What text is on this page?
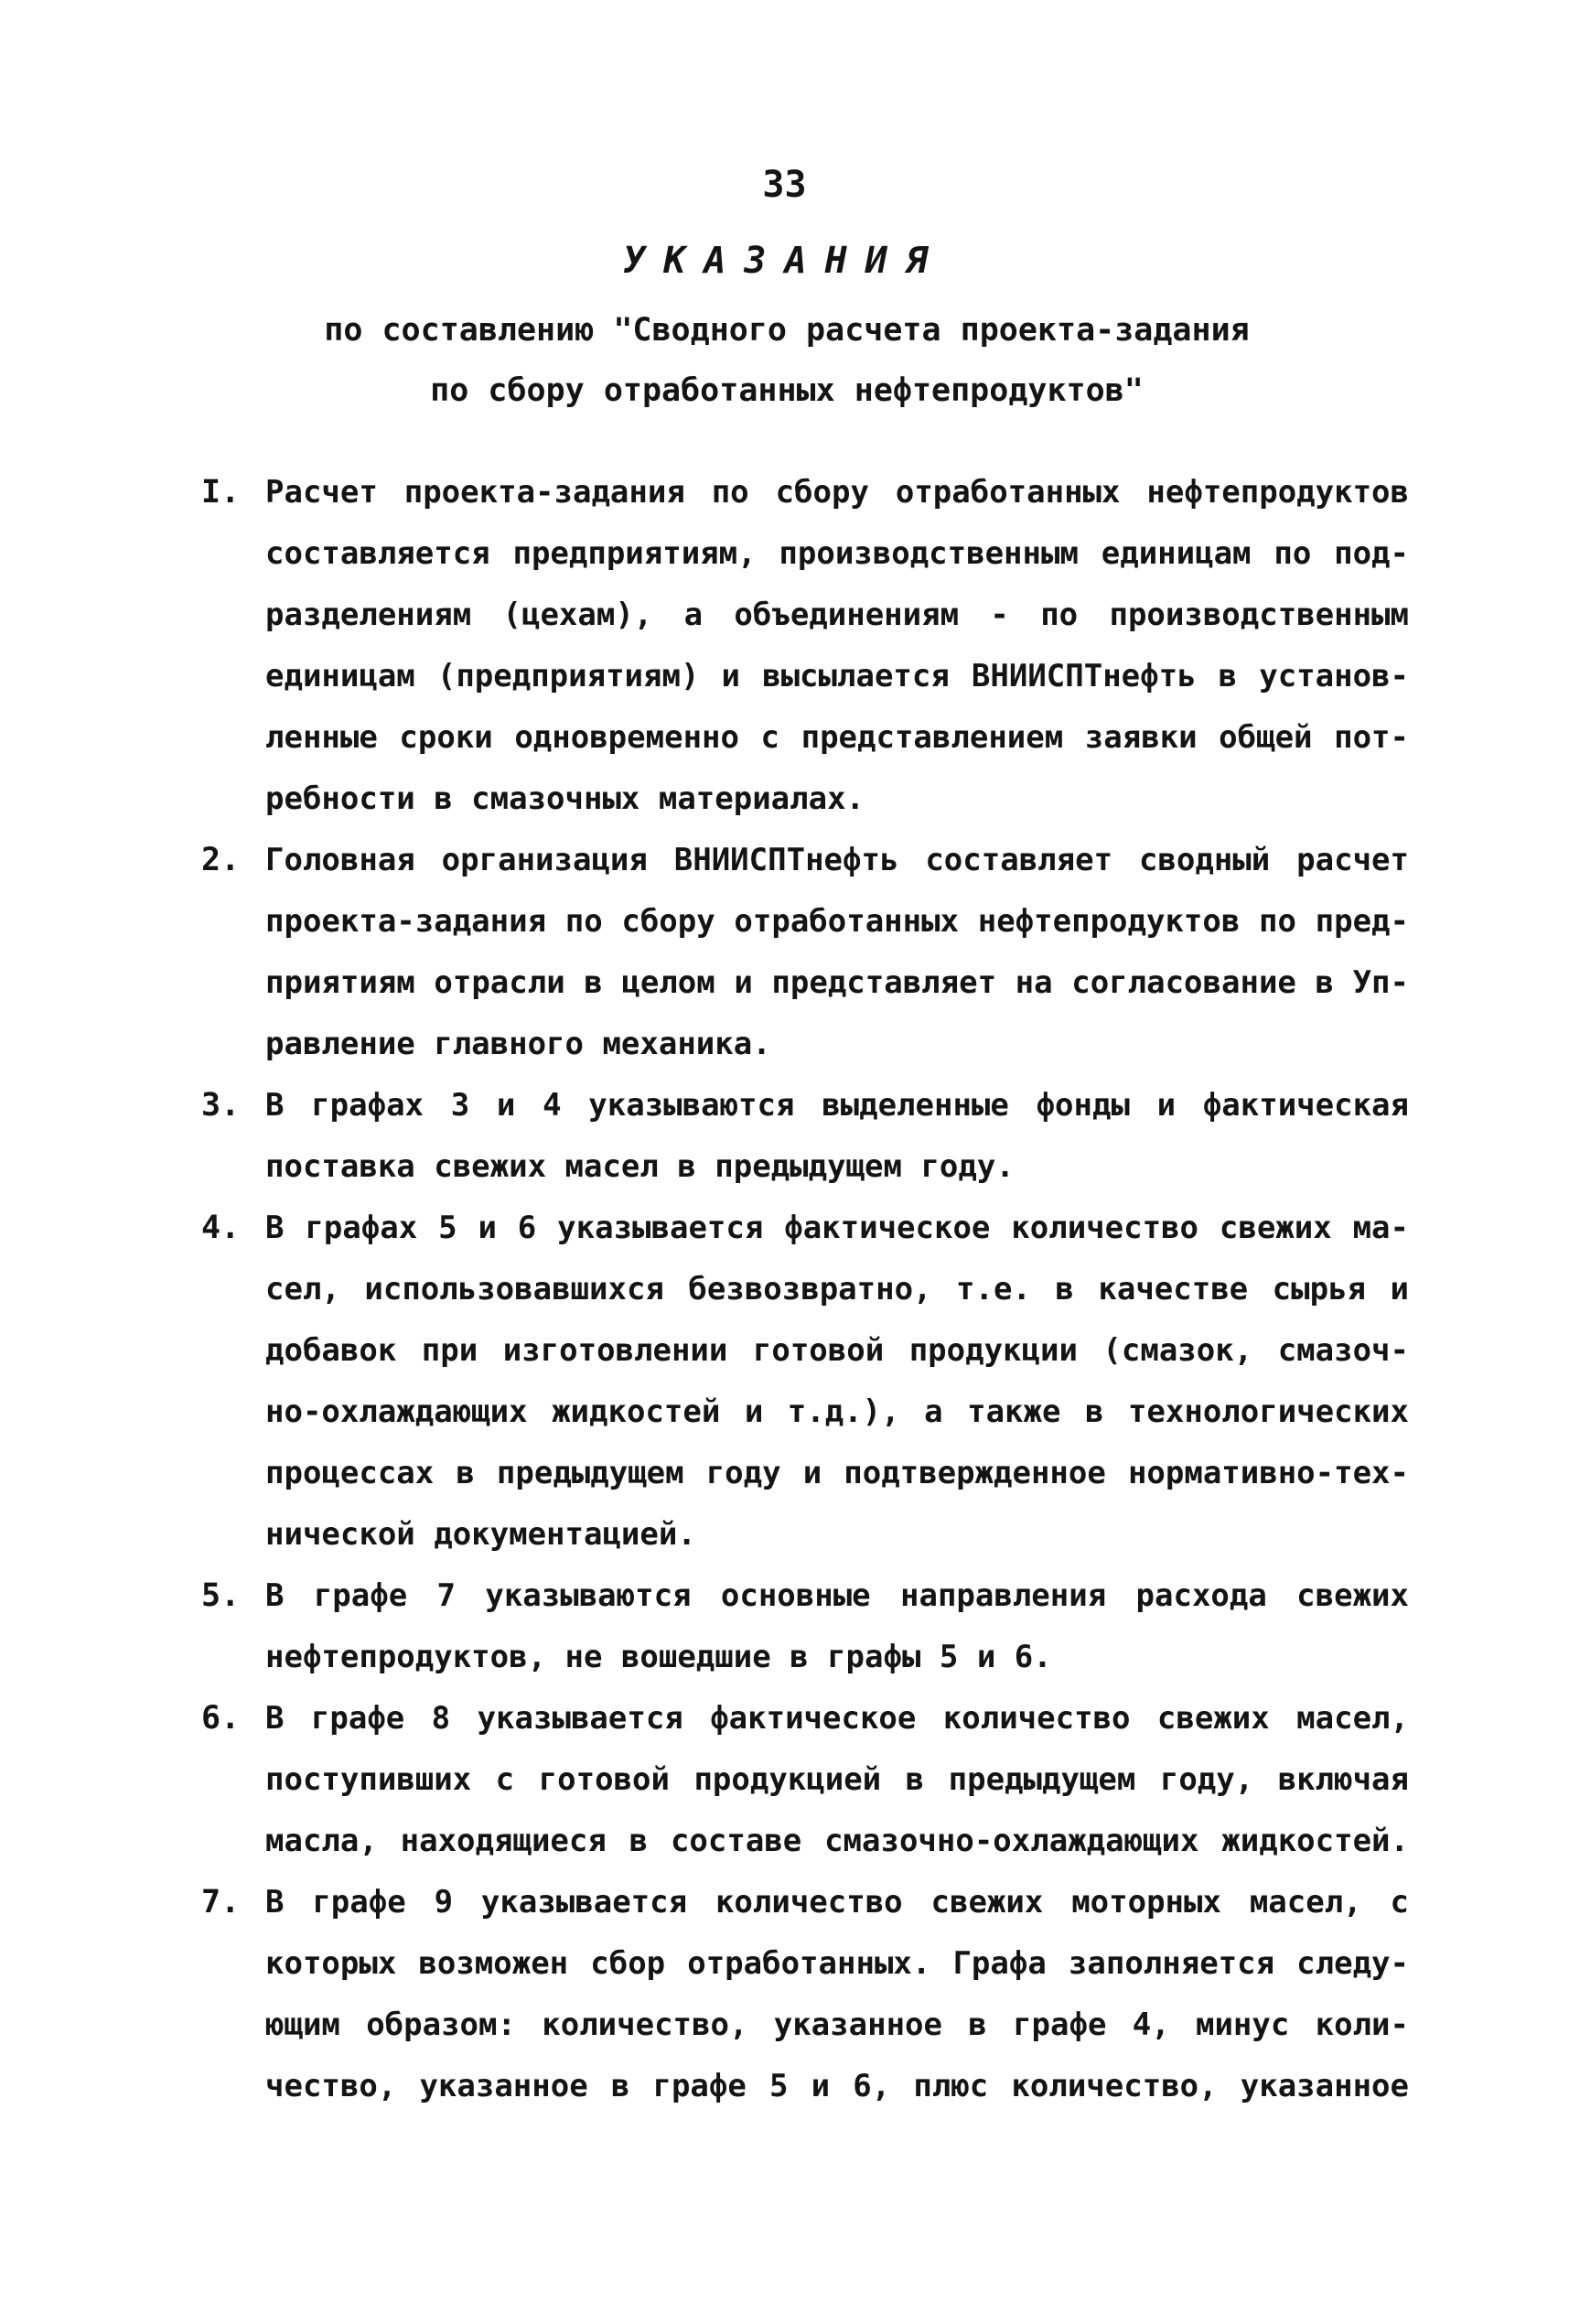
33
УКАЗАНИЯ
по составлению "Сводного расчета проекта-задания
по сбору отработанных нефтепродуктов"
I. Расчет проекта-задания по сбору отработанных нефтепродуктов
составляется предприятиям, производственным единицам по под-
разделениям (цехам), а объединениям - по производственным
единицам (предприятиям) и высылается ВНИИСПТнефть в установ-
ленные сроки одновременно с представлением заявки общей пот-
ребности в смазочных материалах.
2. Головная организация ВНИИСПТнефть составляет сводный расчет
проекта-задания по сбору отработанных нефтепродуктов по пред-
приятиям отрасли в целом и представляет на согласование в Уп-
равление главного механика.
3. В графах 3 и 4 указываются выделенные фонды и фактическая
поставка свежих масел в предыдущем году.
4. В графах 5 и 6 указывается фактическое количество свежих ма-
сел, использовавшихся безвозвратно, т.е. в качестве сырья и
добавок при изготовлении готовой продукции (смазок, смазоч-
но-охлаждающих жидкостей и т.д.), а также в технологических
процессах в предыдущем году и подтвержденное нормативно-тех-
нической документацией.
5. В графе 7 указываются основные направления расхода свежих
нефтепродуктов, не вошедшие в графы 5 и 6.
6. В графе 8 указывается фактическое количество свежих масел,
поступивших с готовой продукцией в предыдущем году, включая
масла, находящиеся в составе смазочно-охлаждающих жидкостей.
7. В графе 9 указывается количество свежих моторных масел, с
которых возможен сбор отработанных. Графа заполняется следу-
ющим образом: количество, указанное в графе 4, минус коли-
чество, указанное в графе 5 и 6, плюс количество, указанное
